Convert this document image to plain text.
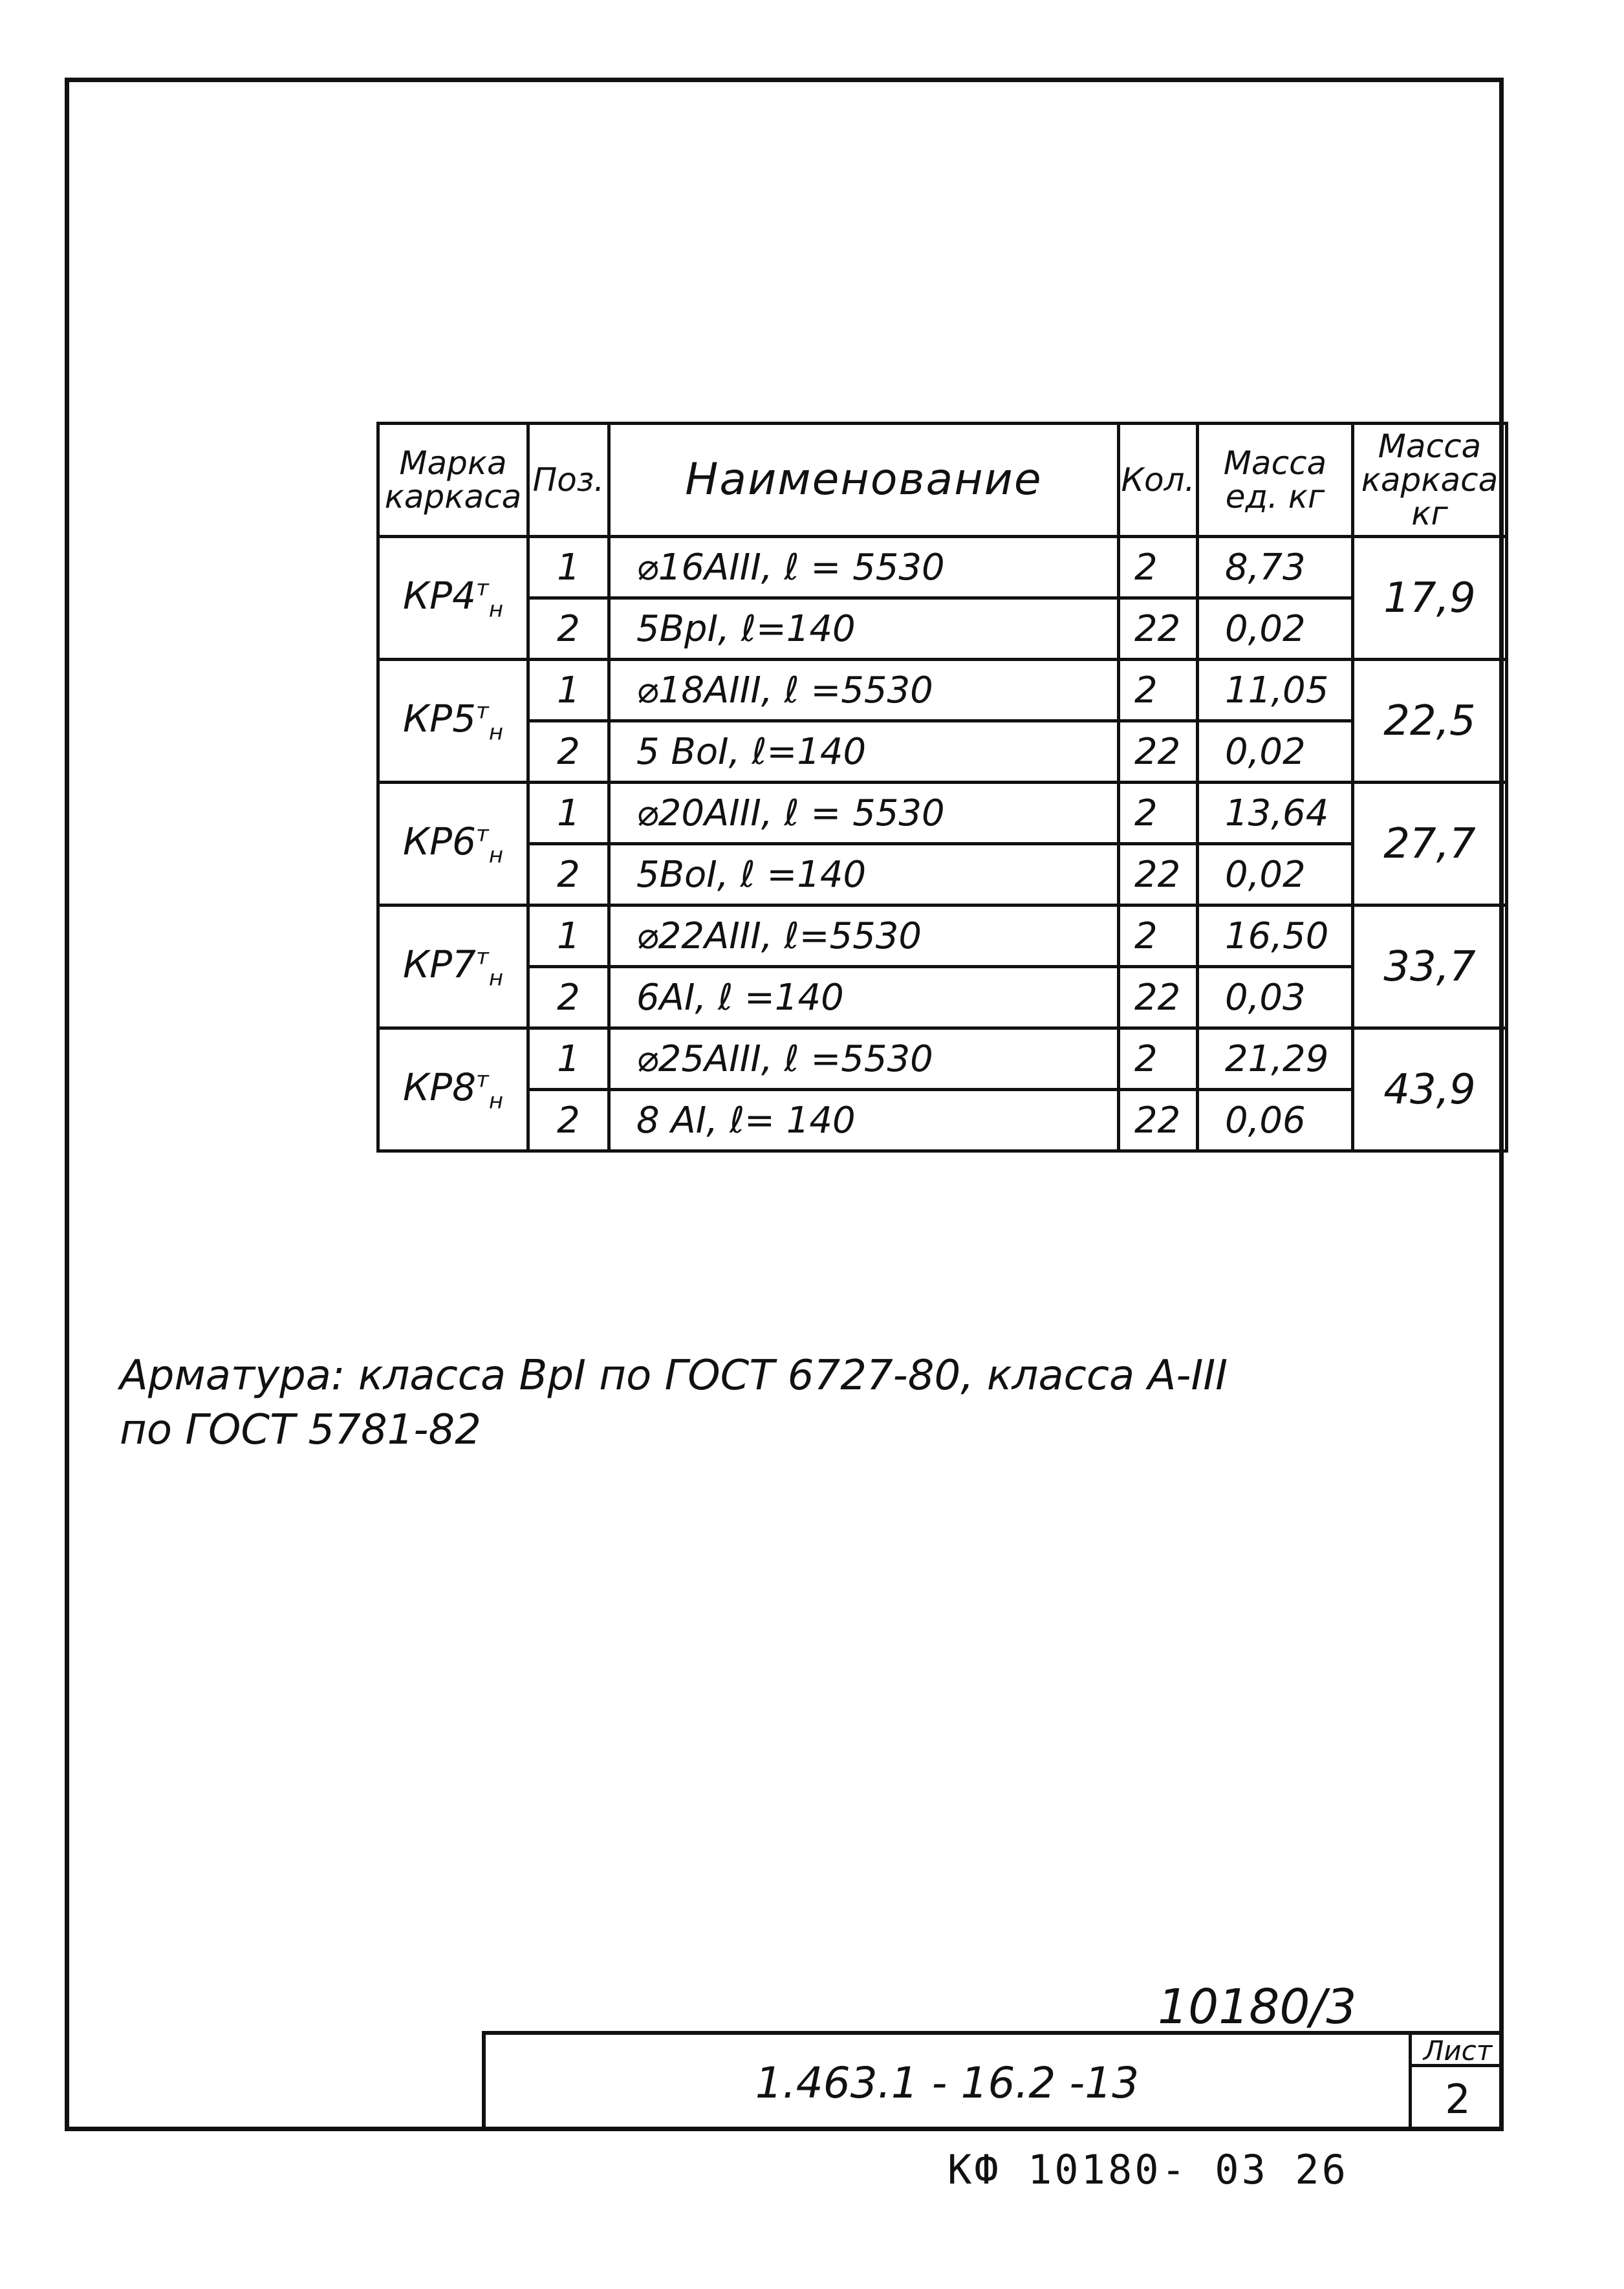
Марка каркаса	Поз.	Наименование	Кол.	Масса ед. кг	Масса каркаса кг
$КР4^т_н$	1	⌀16АIII, ℓ = 5530	2	8,73	17,9
	2	5ВрI, ℓ=140	22	0,02	
$КР5^т_н$	1	⌀18АIII, ℓ =5530	2	11,05	22,5
	2	5 ВоI, ℓ=140	22	0,02	
$КР6^т_н$	1	⌀20АIII, ℓ = 5530	2	13,64	27,7
	2	5ВоI, ℓ =140	22	0,02	
$КР7^т_н$	1	⌀22АIII, ℓ=5530	2	16,50	33,7
	2	6АI, ℓ =140	22	0,03	
$КР8^т_н$	1	⌀25АIII, ℓ =5530	2	21,29	43,9
	2	8 АI, ℓ= 140	22	0,06	
Арматура: класса ВрI по ГОСТ 6727-80, класса А-III
по ГОСТ 5781-82
10180/3
1.463.1 - 16.2 -13
Лист
2
КФ 10180- 03 26
